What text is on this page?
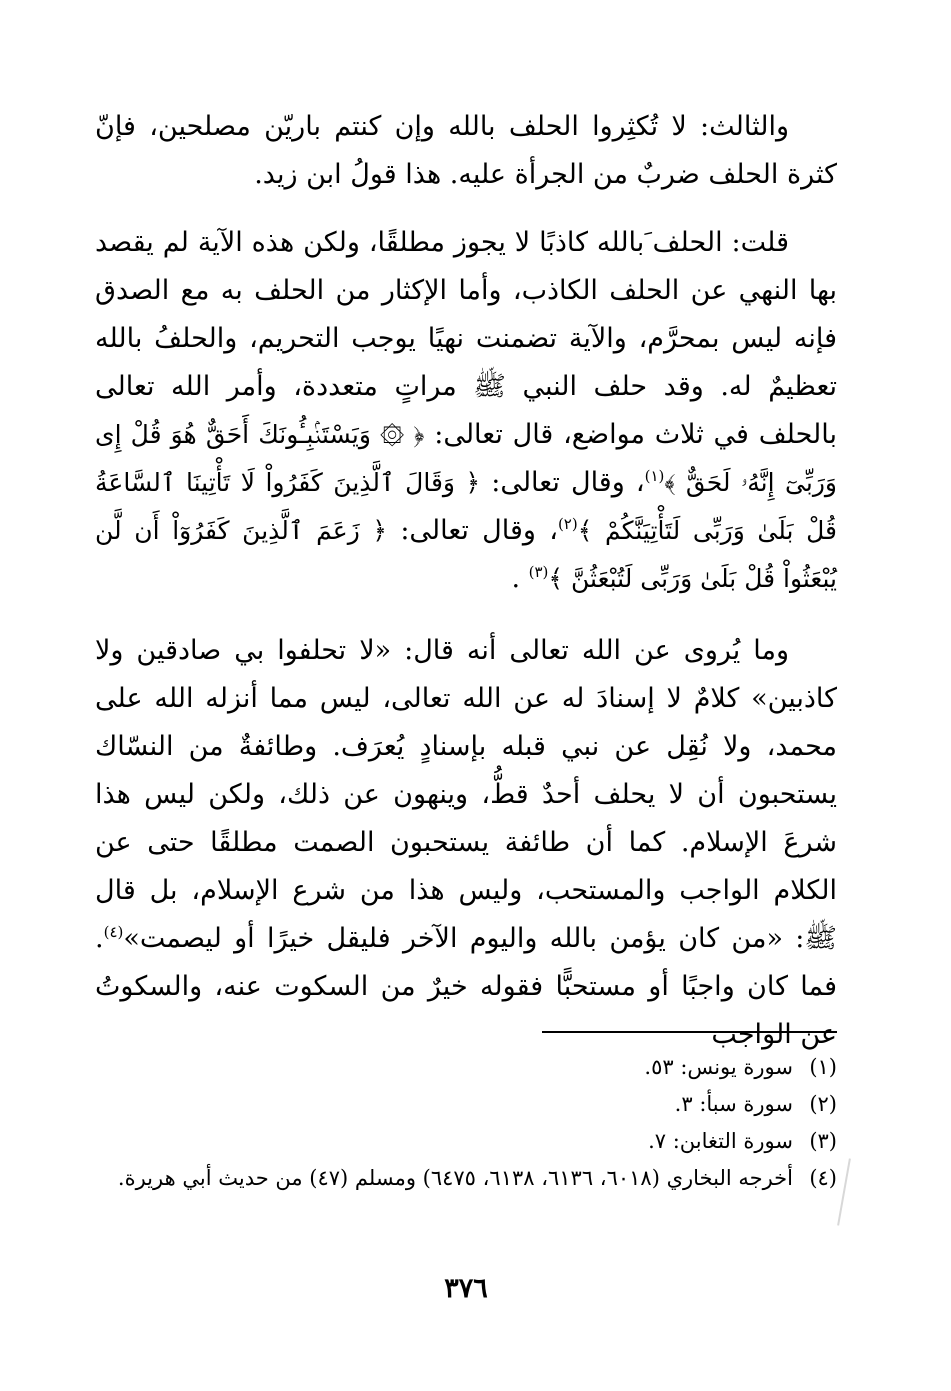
والثالث: لا تُكثِروا الحلف بالله وإن كنتم باريّن مصلحين، فإنّ كثرة الحلف ضربٌ من الجرأة عليه. هذا قولُ ابن زيد.

قلت: الحلف َبالله كاذبًا لا يجوز مطلقًا، ولكن هذه الآية لم يقصد بها النهي عن الحلف الكاذب، وأما الإكثار من الحلف به مع الصدق فإنه ليس بمحرَّم، والآية تضمنت نهيًا يوجب التحريم، والحلفُ بالله تعظيمٌ له. وقد حلف النبي ﷺ مراتٍ متعددة، وأمر الله تعالى بالحلف في ثلاث مواضع، قال تعالى: ﴿ ۞ وَيَسْتَنۢبِـُٔونَكَ أَحَقٌّ هُوَ قُلْ إِى وَرَبِّىٓ إِنَّهُۥ لَحَقٌّ ﴾$^{(١)}$، وقال تعالى: ﴿ وَقَالَ ٱلَّذِينَ كَفَرُواْ لَا تَأْتِينَا ٱلسَّاعَةُ قُلْ بَلَىٰ وَرَبِّى لَتَأْتِيَنَّكُمْ ﴾$^{(٢)}$، وقال تعالى: ﴿ زَعَمَ ٱلَّذِينَ كَفَرُوٓاْ أَن لَّن يُبْعَثُواْ قُلْ بَلَىٰ وَرَبِّى لَتُبْعَثُنَّ ﴾$^{(٣)}$ .

وما يُروى عن الله تعالى أنه قال: «لا تحلفوا بي صادقين ولا كاذبين» كلامٌ لا إسنادَ له عن الله تعالى، ليس مما أنزله الله على محمد، ولا نُقِل عن نبي قبله بإسنادٍ يُعرَف. وطائفةٌ من النسّاك يستحبون أن لا يحلف أحدٌ قطُّ، وينهون عن ذلك، ولكن ليس هذا شرعَ الإسلام. كما أن طائفة يستحبون الصمت مطلقًا حتى عن الكلام الواجب والمستحب، وليس هذا من شرع الإسلام، بل قال ﷺ: «من كان يؤمن بالله واليوم الآخر فليقل خيرًا أو ليصمت»$^{(٤)}$. فما كان واجبًا أو مستحبًّا فقوله خيرٌ من السكوت عنه، والسكوتُ عن الواجب

(١)
سورة يونس: ٥٣.
(٢)
سورة سبأ: ٣.
(٣)
سورة التغابن: ٧.
(٤)
أخرجه البخاري (٦٠١٨، ٦١٣٦، ٦١٣٨، ٦٤٧٥) ومسلم (٤٧) من حديث أبي هريرة.
٣٧٦
